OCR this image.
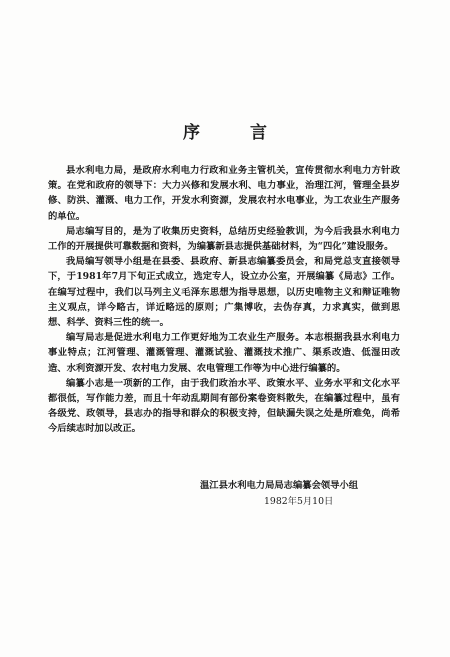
序 言

县水利电力局，是政府水利电力行政和业务主管机关，宣传贯彻水利电力方针政策。在党和政府的领导下：大力兴修和发展水利、电力事业，治理江河，管理全县岁修、防洪、灌溉、电力工作，开发水利资源，发展农村水电事业，为工农业生产服务的单位。

局志编写目的，是为了收集历史资料，总结历史经验教训，为今后我县水利电力工作的开展提供可靠数据和资料，为编纂新县志提供基础材料，为“四化”建设服务。

我局编写领导小组是在县委、县政府、新县志编纂委员会，和局党总支直接领导下，于1981年7月下旬正式成立，选定专人，设立办公室，开展编纂《局志》工作。在编写过程中，我们以马列主义毛泽东思想为指导思想，以历史唯物主义和辩证唯物主义观点，详今略古，详近略远的原则；广集博收，去伪存真，力求真实，做到思想、科学、资料三性的统一。

编写局志是促进水利电力工作更好地为工农业生产服务。本志根据我县水利电力事业特点；江河管理、灌溉管理、灌溉试验、灌溉技术推广、渠系改造、低湿田改造、水利资源开发、农村电力发展、农电管理工作等为中心进行编纂的。

编纂小志是一项新的工作，由于我们政治水平、政策水平、业务水平和文化水平都很低，写作能力差，而且十年动乱期间有部份案卷资料散失，在编纂过程中，虽有各级党、政领导，县志办的指导和群众的积极支持，但缺漏失误之处是所难免，尚希今后续志时加以改正。

温江县水利电力局局志编纂会领导小组
1982年5月10日
